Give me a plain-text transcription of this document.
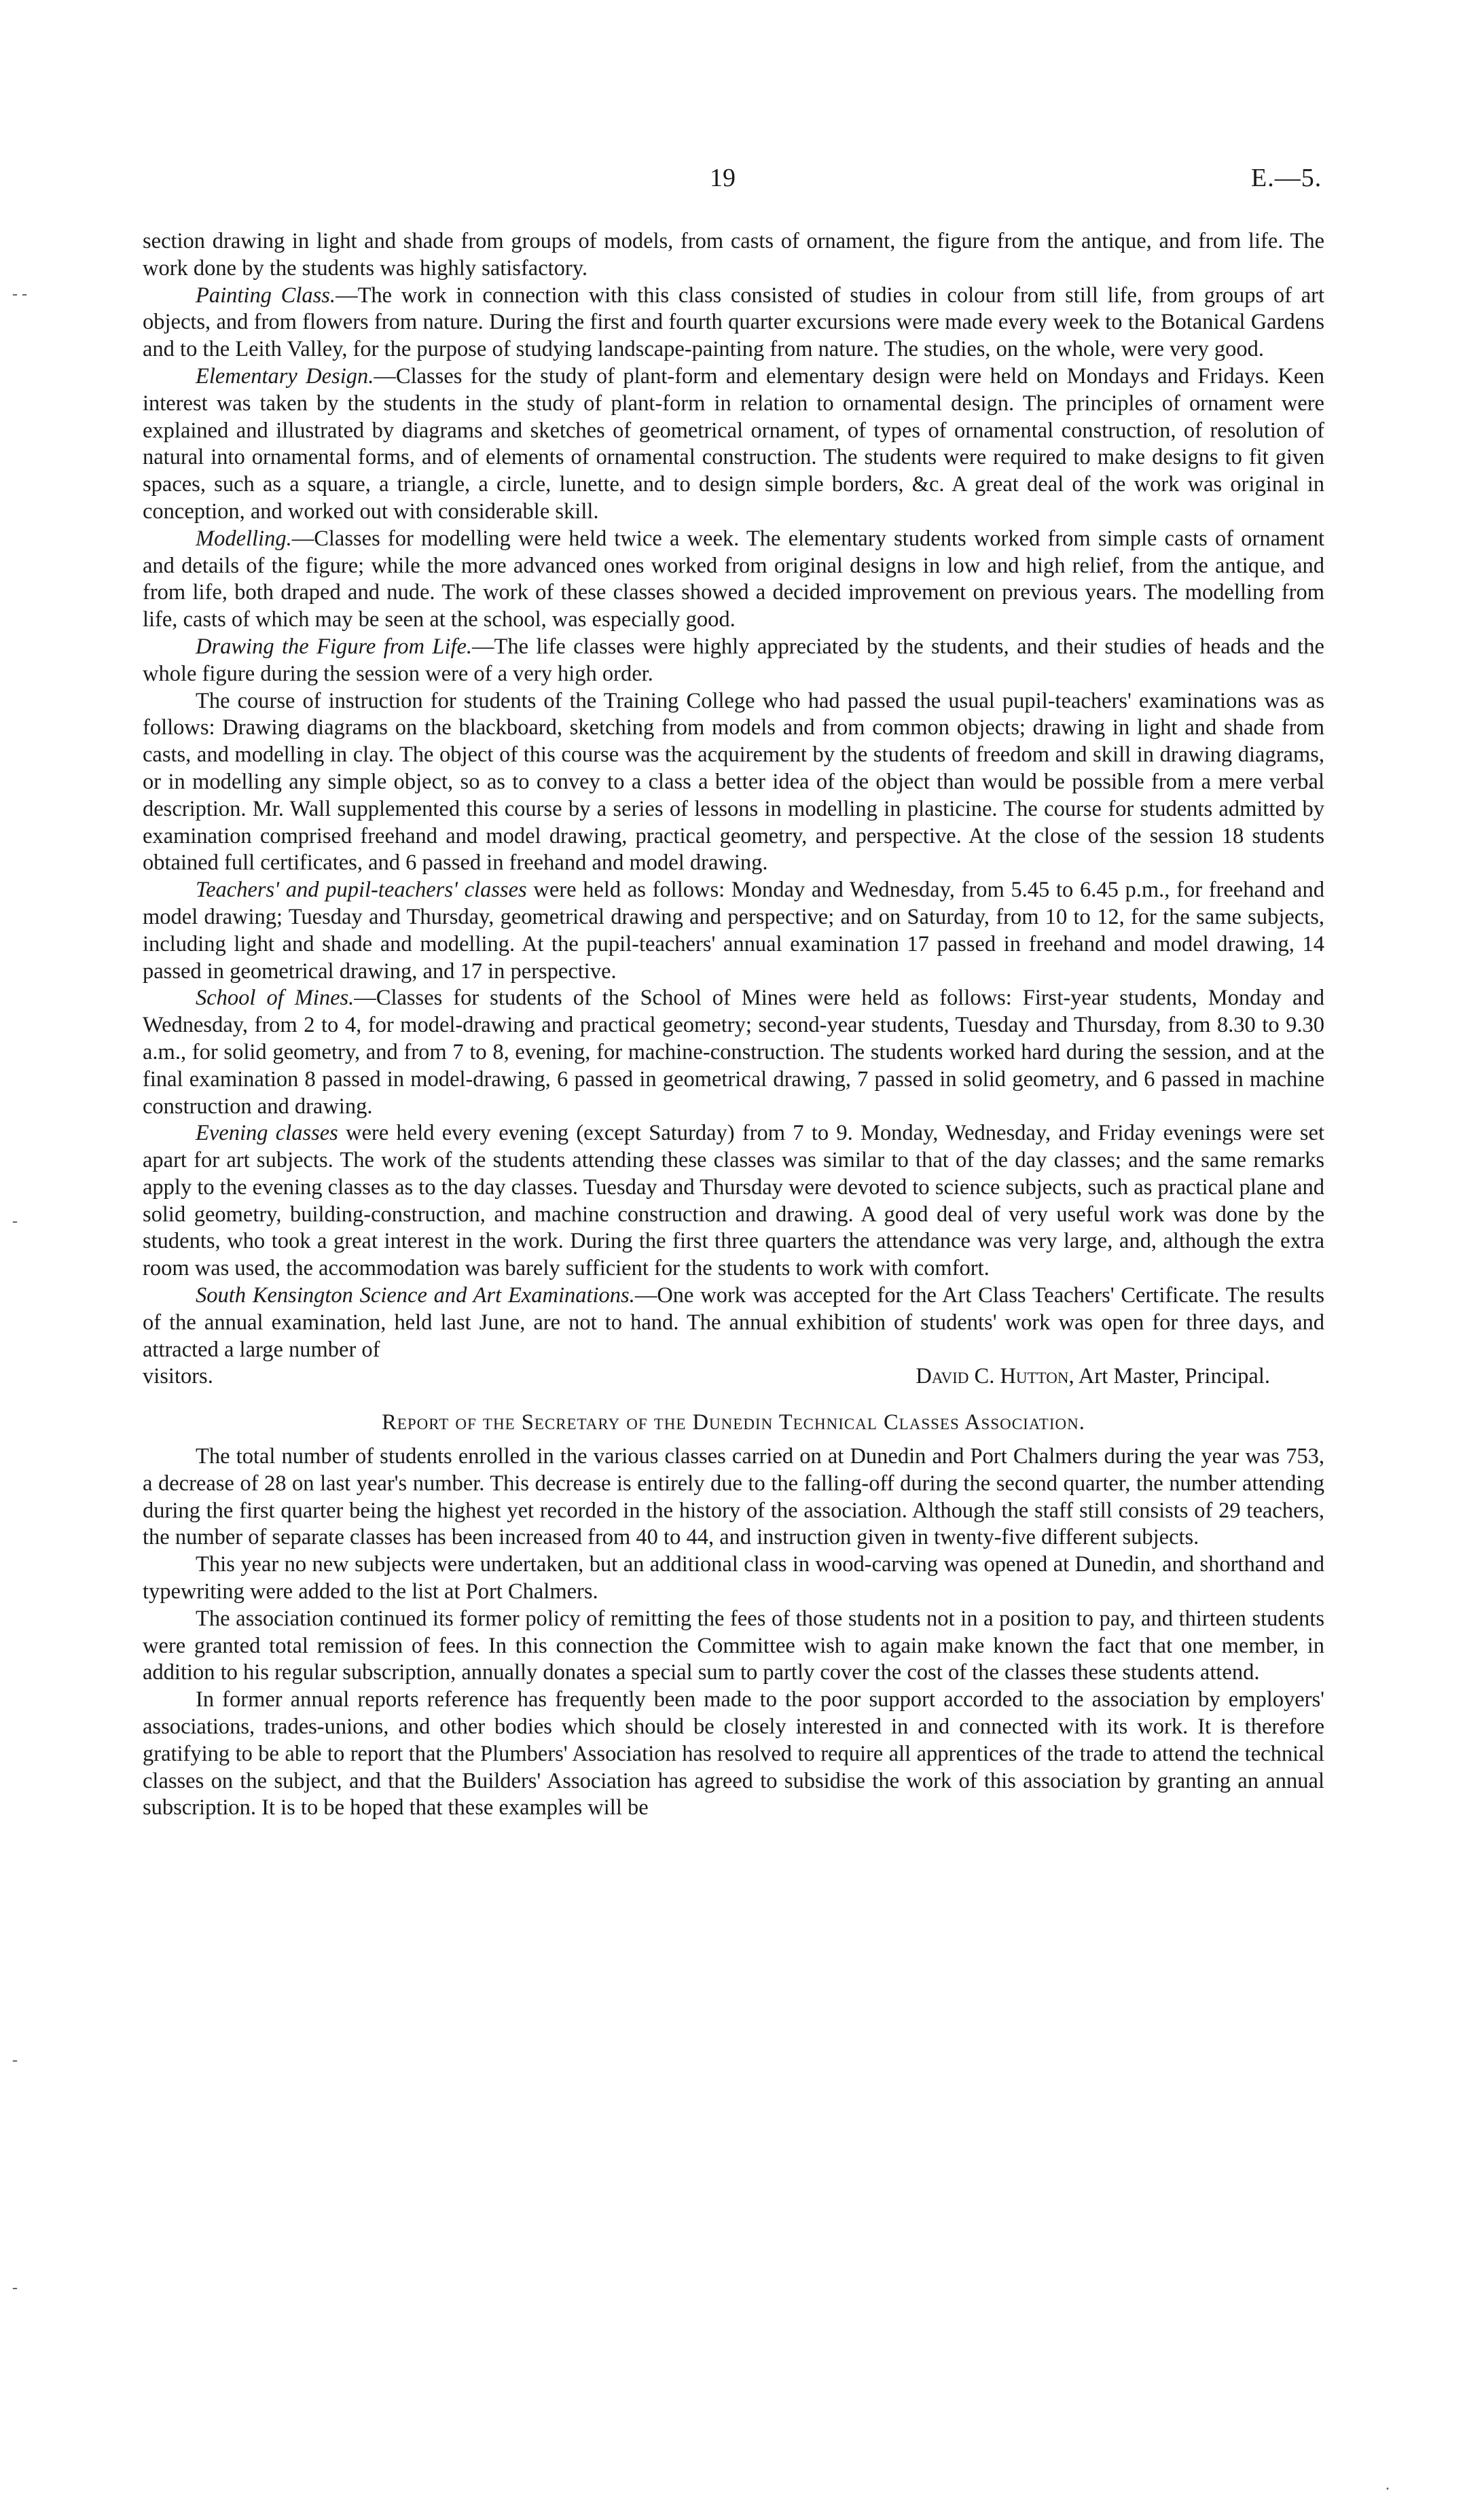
19	E.—5.
- -
-
-
-
.

section drawing in light and shade from groups of models, from casts of ornament, the figure from the antique, and from life. The work done by the students was highly satisfactory.

Painting Class.—The work in connection with this class consisted of studies in colour from still life, from groups of art objects, and from flowers from nature. During the first and fourth quarter excursions were made every week to the Botanical Gardens and to the Leith Valley, for the purpose of studying landscape-painting from nature. The studies, on the whole, were very good.

Elementary Design.—Classes for the study of plant-form and elementary design were held on Mondays and Fridays. Keen interest was taken by the students in the study of plant-form in relation to ornamental design. The principles of ornament were explained and illustrated by diagrams and sketches of geometrical ornament, of types of ornamental construction, of resolution of natural into ornamental forms, and of elements of ornamental construction. The students were required to make designs to fit given spaces, such as a square, a triangle, a circle, lunette, and to design simple borders, &c. A great deal of the work was original in conception, and worked out with considerable skill.

Modelling.—Classes for modelling were held twice a week. The elementary students worked from simple casts of ornament and details of the figure; while the more advanced ones worked from original designs in low and high relief, from the antique, and from life, both draped and nude. The work of these classes showed a decided improvement on previous years. The modelling from life, casts of which may be seen at the school, was especially good.

Drawing the Figure from Life.—The life classes were highly appreciated by the students, and their studies of heads and the whole figure during the session were of a very high order.

The course of instruction for students of the Training College who had passed the usual pupil-teachers' examinations was as follows: Drawing diagrams on the blackboard, sketching from models and from common objects; drawing in light and shade from casts, and modelling in clay. The object of this course was the acquirement by the students of freedom and skill in drawing diagrams, or in modelling any simple object, so as to convey to a class a better idea of the object than would be possible from a mere verbal description. Mr. Wall supplemented this course by a series of lessons in modelling in plasticine. The course for students admitted by examination comprised freehand and model drawing, practical geometry, and perspective. At the close of the session 18 students obtained full certificates, and 6 passed in freehand and model drawing.

Teachers' and pupil-teachers' classes were held as follows: Monday and Wednesday, from 5.45 to 6.45 p.m., for freehand and model drawing; Tuesday and Thursday, geometrical drawing and perspective; and on Saturday, from 10 to 12, for the same subjects, including light and shade and modelling. At the pupil-teachers' annual examination 17 passed in freehand and model drawing, 14 passed in geometrical drawing, and 17 in perspective.

School of Mines.—Classes for students of the School of Mines were held as follows: First-year students, Monday and Wednesday, from 2 to 4, for model-drawing and practical geometry; second-year students, Tuesday and Thursday, from 8.30 to 9.30 a.m., for solid geometry, and from 7 to 8, evening, for machine-construction. The students worked hard during the session, and at the final examination 8 passed in model-drawing, 6 passed in geometrical drawing, 7 passed in solid geometry, and 6 passed in machine construction and drawing.

Evening classes were held every evening (except Saturday) from 7 to 9. Monday, Wednesday, and Friday evenings were set apart for art subjects. The work of the students attending these classes was similar to that of the day classes; and the same remarks apply to the evening classes as to the day classes. Tuesday and Thursday were devoted to science subjects, such as practical plane and solid geometry, building-construction, and machine construction and drawing. A good deal of very useful work was done by the students, who took a great interest in the work. During the first three quarters the attendance was very large, and, although the extra room was used, the accommodation was barely sufficient for the students to work with comfort.

South Kensington Science and Art Examinations.—One work was accepted for the Art Class Teachers' Certificate. The results of the annual examination, held last June, are not to hand. The annual exhibition of students' work was open for three days, and attracted a large number of

visitors.	David C. Hutton, Art Master, Principal.

Report of the Secretary of the Dunedin Technical Classes Association.

The total number of students enrolled in the various classes carried on at Dunedin and Port Chalmers during the year was 753, a decrease of 28 on last year's number. This decrease is entirely due to the falling-off during the second quarter, the number attending during the first quarter being the highest yet recorded in the history of the association. Although the staff still consists of 29 teachers, the number of separate classes has been increased from 40 to 44, and instruction given in twenty-five different subjects.

This year no new subjects were undertaken, but an additional class in wood-carving was opened at Dunedin, and shorthand and typewriting were added to the list at Port Chalmers.

The association continued its former policy of remitting the fees of those students not in a position to pay, and thirteen students were granted total remission of fees. In this connection the Committee wish to again make known the fact that one member, in addition to his regular subscription, annually donates a special sum to partly cover the cost of the classes these students attend.

In former annual reports reference has frequently been made to the poor support accorded to the association by employers' associations, trades-unions, and other bodies which should be closely interested in and connected with its work. It is therefore gratifying to be able to report that the Plumbers' Association has resolved to require all apprentices of the trade to attend the technical classes on the subject, and that the Builders' Association has agreed to subsidise the work of this association by granting an annual subscription. It is to be hoped that these examples will be
